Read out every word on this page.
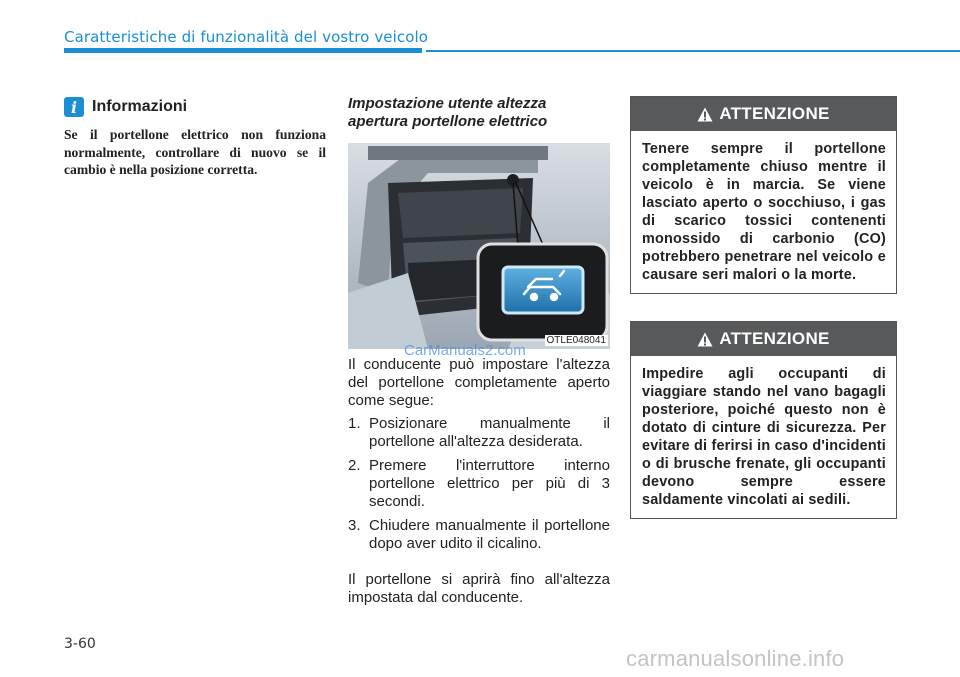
Caratteristiche di funzionalità del vostro veicolo
i Informazioni
Se il portellone elettrico non funziona normalmente, controllare di nuovo se il cambio è nella posizione corretta.
Impostazione utente altezza
apertura portellone elettrico
OTLE048041
CarManuals2.com

Il conducente può impostare l'altezza del portellone completamente aperto come segue:

1. Posizionare manualmente il portellone all'altezza desiderata.
2. Premere l'interruttore interno portellone elettrico per più di 3 secondi.
3. Chiudere manualmente il portellone dopo aver udito il cicalino.

Il portellone si aprirà fino all'altezza impostata dal conducente.

ATTENZIONE
Tenere sempre il portellone completamente chiuso mentre il veicolo è in marcia. Se viene lasciato aperto o socchiuso, i gas di scarico tossici contenenti monossido di carbonio (CO) potrebbero penetrare nel veicolo e causare seri malori o la morte.
ATTENZIONE
Impedire agli occupanti di viaggiare stando nel vano bagagli posteriore, poiché questo non è dotato di cinture di sicurezza. Per evitare di ferirsi in caso d'incidenti o di brusche frenate, gli occupanti devono sempre essere saldamente vincolati ai sedili.
3-60
carmanualsonline.info
